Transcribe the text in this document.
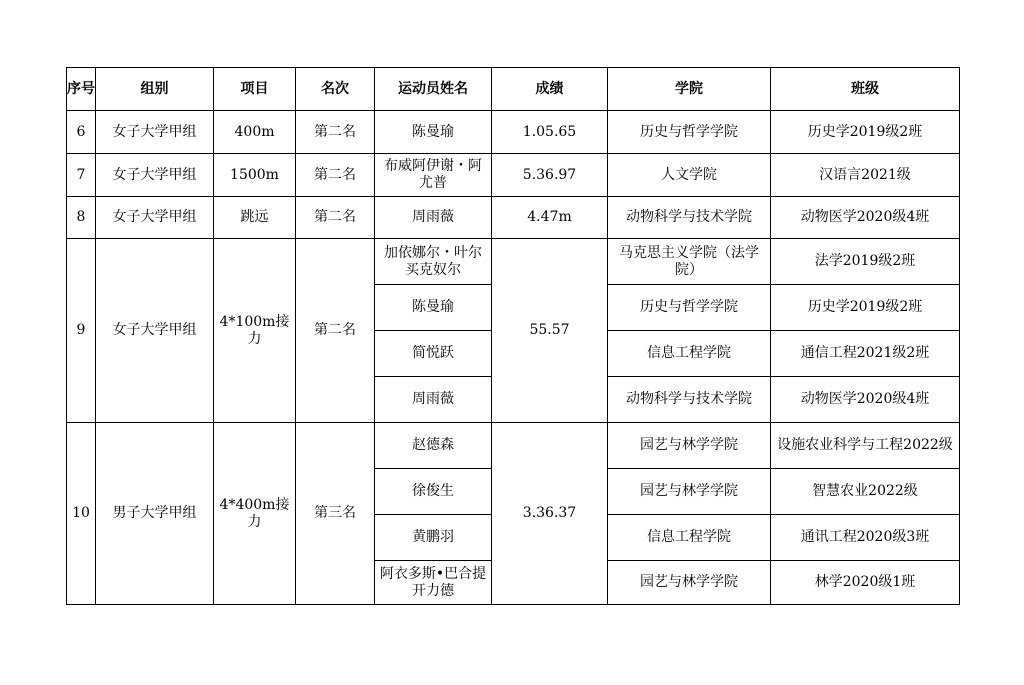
序号	组别	项目	名次	运动员姓名	成绩	学院	班级
6	女子大学甲组	400m	第二名	陈曼瑜	1.05.65	历史与哲学学院	历史学2019级2班
7	女子大学甲组	1500m	第二名	布威阿伊谢・阿尤普	5.36.97	人文学院	汉语言2021级
8	女子大学甲组	跳远	第二名	周雨薇	4.47m	动物科学与技术学院	动物医学2020级4班
9	女子大学甲组	4*100m接力	第二名	加依娜尔・叶尔买克奴尔	55.57	马克思主义学院（法学院）	法学2019级2班
				陈曼瑜		历史与哲学学院	历史学2019级2班
				简悦跃		信息工程学院	通信工程2021级2班
				周雨薇		动物科学与技术学院	动物医学2020级4班
10	男子大学甲组	4*400m接力	第三名	赵德森	3.36.37	园艺与林学学院	设施农业科学与工程2022级
				徐俊生		园艺与林学学院	智慧农业2022级
				黄鹏羽		信息工程学院	通讯工程2020级3班
				阿衣多斯•巴合提开力德		园艺与林学学院	林学2020级1班
